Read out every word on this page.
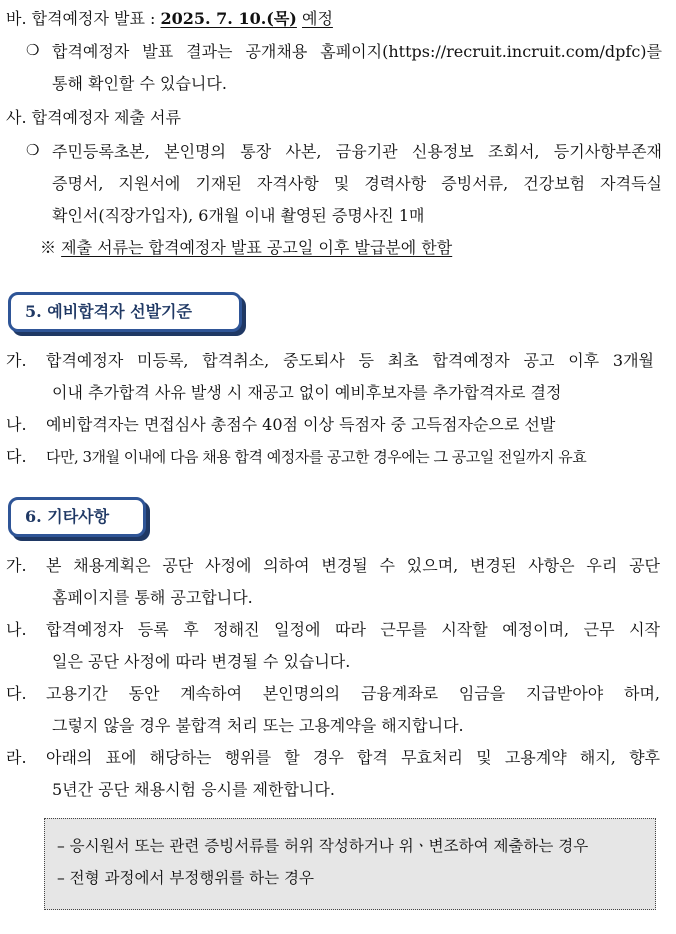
바. 합격예정자 발표 : 2025. 7. 10.(목) 예정
❍ 합격예정자 발표 결과는 공개채용 홈페이지(https://recruit.incruit.com/dpfc)를
통해 확인할 수 있습니다.
사. 합격예정자 제출 서류
❍ 주민등록초본, 본인명의 통장 사본, 금융기관 신용정보 조회서, 등기사항부존재
증명서, 지원서에 기재된 자격사항 및 경력사항 증빙서류, 건강보험 자격득실
확인서(직장가입자), 6개월 이내 촬영된 증명사진 1매
※ 제출 서류는 합격예정자 발표 공고일 이후 발급분에 한함
5. 예비합격자 선발기준
가.	합격예정자 미등록, 합격취소, 중도퇴사 등 최초 합격예정자 공고 이후 3개월
이내 추가합격 사유 발생 시 재공고 없이 예비후보자를 추가합격자로 결정
나.	예비합격자는 면접심사 총점수 40점 이상 득점자 중 고득점자순으로 선발
다.	다만, 3개월 이내에 다음 채용 합격 예정자를 공고한 경우에는 그 공고일 전일까지 유효
6. 기타사항
가.	본 채용계획은 공단 사정에 의하여 변경될 수 있으며, 변경된 사항은 우리 공단
홈페이지를 통해 공고합니다.
나.	합격예정자 등록 후 정해진 일정에 따라 근무를 시작할 예정이며, 근무 시작
일은 공단 사정에 따라 변경될 수 있습니다.
다.	고용기간 동안 계속하여 본인명의의 금융계좌로 임금을 지급받아야 하며,
그렇지 않을 경우 불합격 처리 또는 고용계약을 해지합니다.
라.	아래의 표에 해당하는 행위를 할 경우 합격 무효처리 및 고용계약 해지, 향후
5년간 공단 채용시험 응시를 제한합니다.
– 응시원서 또는 관련 증빙서류를 허위 작성하거나 위ㆍ변조하여 제출하는 경우
– 전형 과정에서 부정행위를 하는 경우
